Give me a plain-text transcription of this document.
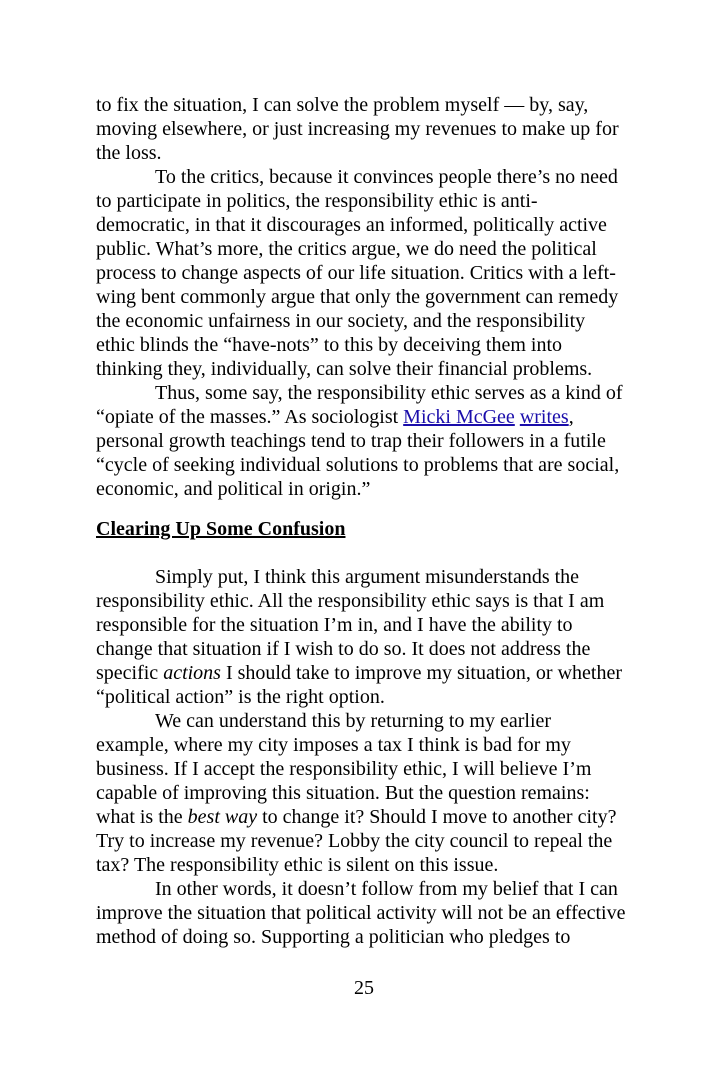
to fix the situation, I can solve the problem myself — by, say,
moving elsewhere, or just increasing my revenues to make up for
the loss.
To the critics, because it convinces people there’s no need
to participate in politics, the responsibility ethic is anti-
democratic, in that it discourages an informed, politically active
public. What’s more, the critics argue, we do need the political
process to change aspects of our life situation. Critics with a left-
wing bent commonly argue that only the government can remedy
the economic unfairness in our society, and the responsibility
ethic blinds the “have-nots” to this by deceiving them into
thinking they, individually, can solve their financial problems.
Thus, some say, the responsibility ethic serves as a kind of
“opiate of the masses.” As sociologist Micki McGee writes,
personal growth teachings tend to trap their followers in a futile
“cycle of seeking individual solutions to problems that are social,
economic, and political in origin.”
Clearing Up Some Confusion
Simply put, I think this argument misunderstands the
responsibility ethic. All the responsibility ethic says is that I am
responsible for the situation I’m in, and I have the ability to
change that situation if I wish to do so. It does not address the
specific actions I should take to improve my situation, or whether
“political action” is the right option.
We can understand this by returning to my earlier
example, where my city imposes a tax I think is bad for my
business. If I accept the responsibility ethic, I will believe I’m
capable of improving this situation. But the question remains:
what is the best way to change it? Should I move to another city?
Try to increase my revenue? Lobby the city council to repeal the
tax? The responsibility ethic is silent on this issue.
In other words, it doesn’t follow from my belief that I can
improve the situation that political activity will not be an effective
method of doing so. Supporting a politician who pledges to
25
